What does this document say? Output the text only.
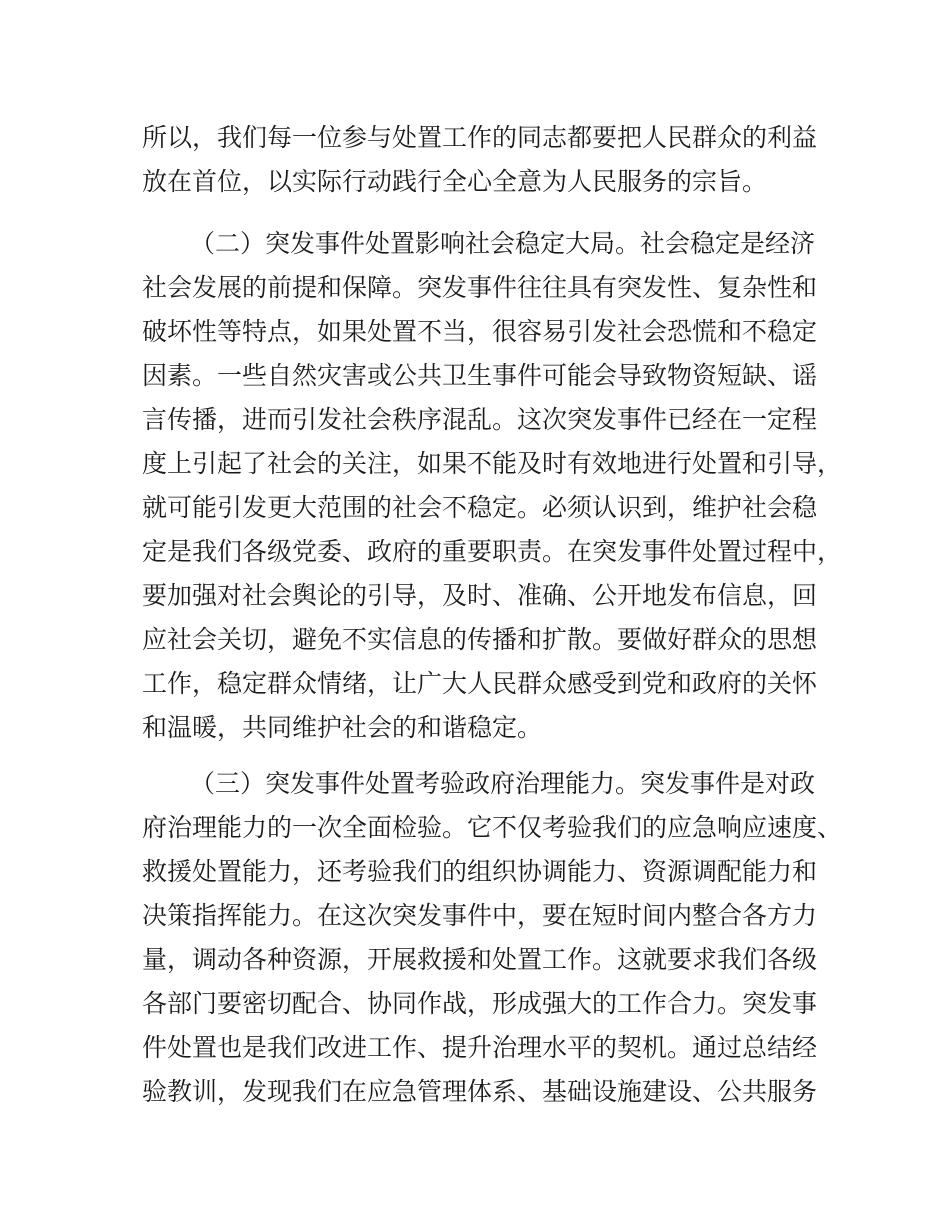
所以，我们每一位参与处置工作的同志都要把人民群众的利益
放在首位，以实际行动践行全心全意为人民服务的宗旨。
（二）突发事件处置影响社会稳定大局。社会稳定是经济
社会发展的前提和保障。突发事件往往具有突发性、复杂性和
破坏性等特点，如果处置不当，很容易引发社会恐慌和不稳定
因素。一些自然灾害或公共卫生事件可能会导致物资短缺、谣
言传播，进而引发社会秩序混乱。这次突发事件已经在一定程
度上引起了社会的关注，如果不能及时有效地进行处置和引导，
就可能引发更大范围的社会不稳定。必须认识到，维护社会稳
定是我们各级党委、政府的重要职责。在突发事件处置过程中，
要加强对社会舆论的引导，及时、准确、公开地发布信息，回
应社会关切，避免不实信息的传播和扩散。要做好群众的思想
工作，稳定群众情绪，让广大人民群众感受到党和政府的关怀
和温暖，共同维护社会的和谐稳定。
（三）突发事件处置考验政府治理能力。突发事件是对政
府治理能力的一次全面检验。它不仅考验我们的应急响应速度、
救援处置能力，还考验我们的组织协调能力、资源调配能力和
决策指挥能力。在这次突发事件中，要在短时间内整合各方力
量，调动各种资源，开展救援和处置工作。这就要求我们各级
各部门要密切配合、协同作战，形成强大的工作合力。突发事
件处置也是我们改进工作、提升治理水平的契机。通过总结经
验教训，发现我们在应急管理体系、基础设施建设、公共服务
